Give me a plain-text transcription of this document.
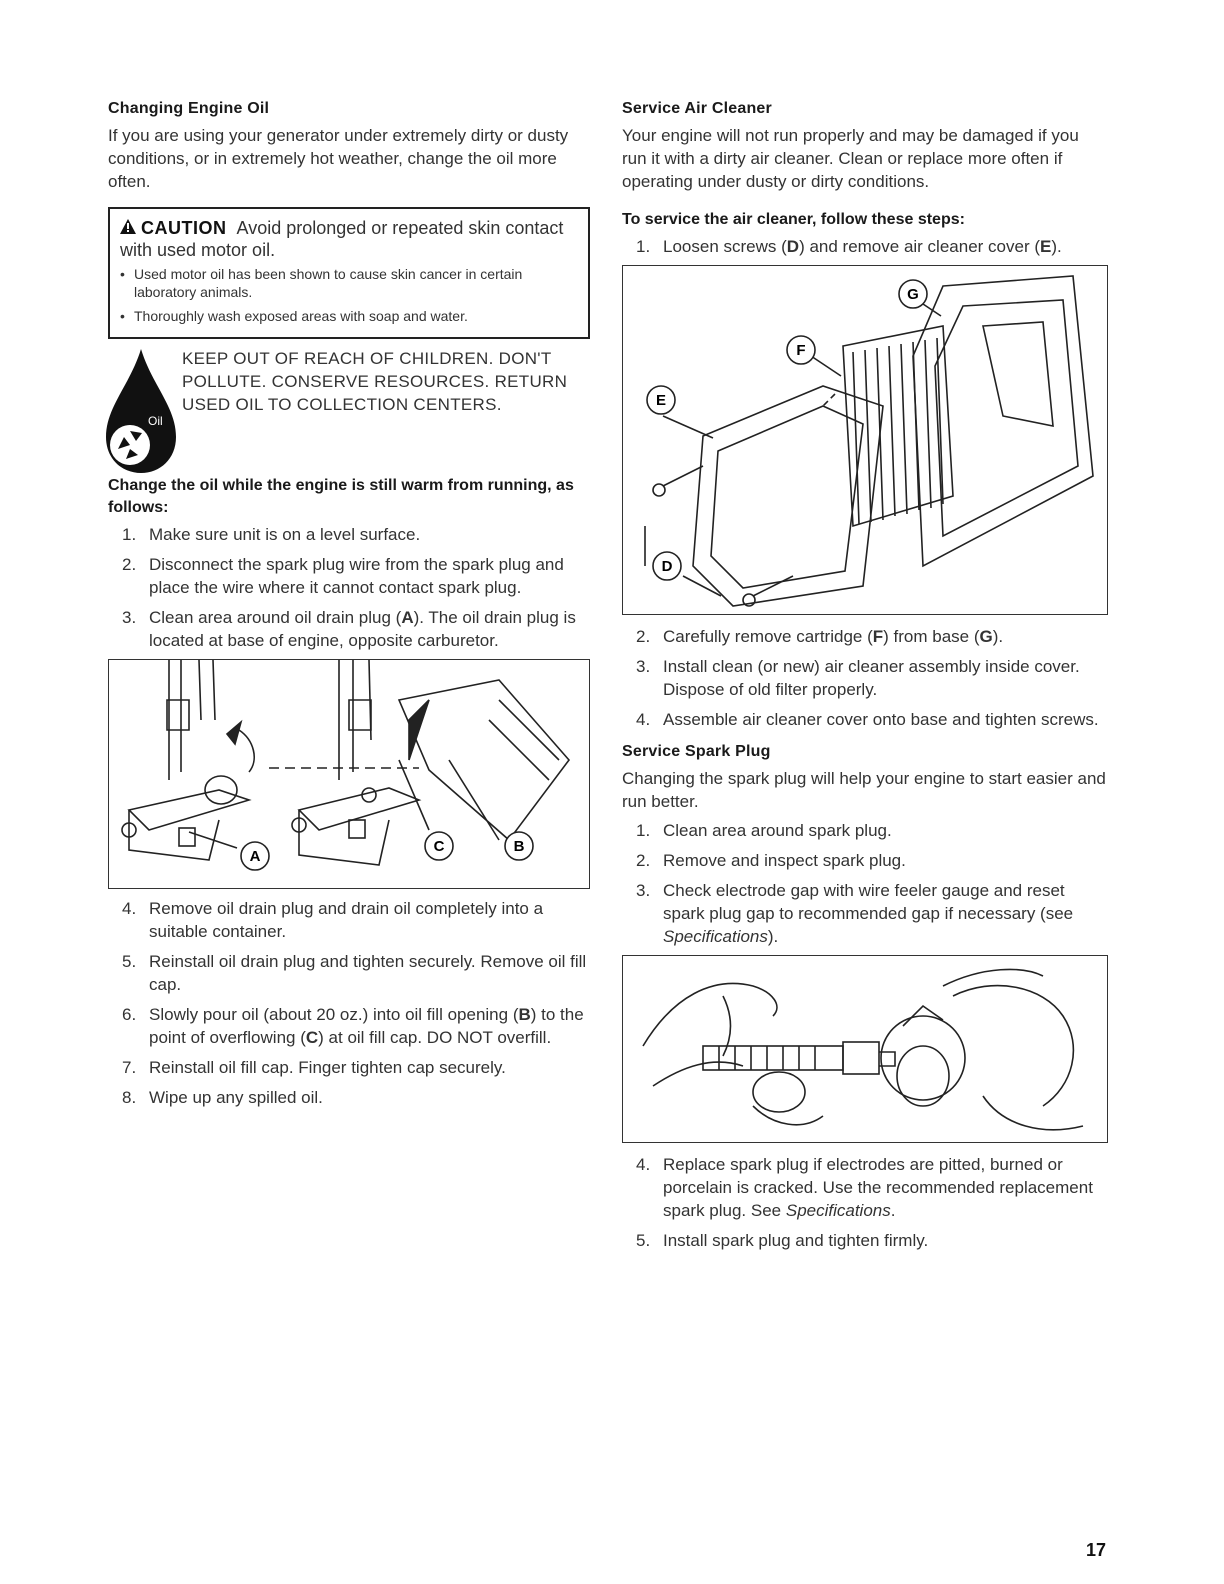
Changing Engine Oil

If you are using your generator under extremely dirty or dusty conditions, or in extremely hot weather, change the oil more often.

CAUTION Avoid prolonged or repeated skin contact with used motor oil.
• Used motor oil has been shown to cause skin cancer in certain laboratory animals.
• Thoroughly wash exposed areas with soap and water.
Oil
KEEP OUT OF REACH OF CHILDREN. DON'T POLLUTE. CONSERVE RESOURCES. RETURN USED OIL TO COLLECTION CENTERS.

Change the oil while the engine is still warm from running, as follows:

1. Make sure unit is on a level surface.
2. Disconnect the spark plug wire from the spark plug and place the wire where it cannot contact spark plug.
3. Clean area around oil drain plug (A). The oil drain plug is located at base of engine, opposite carburetor.
A
C	B
4. Remove oil drain plug and drain oil completely into a suitable container.
5. Reinstall oil drain plug and tighten securely. Remove oil fill cap.
6. Slowly pour oil (about 20 oz.) into oil fill opening (B) to the point of overflowing (C) at oil fill cap. DO NOT overfill.
7. Reinstall oil fill cap. Finger tighten cap securely.
8. Wipe up any spilled oil.
Service Air Cleaner

Your engine will not run properly and may be damaged if you run it with a dirty air cleaner. Clean or replace more often if operating under dusty or dirty conditions.

To service the air cleaner, follow these steps:

1. Loosen screws (D) and remove air cleaner cover (E).
G
F
E
D
2. Carefully remove cartridge (F) from base (G).
3. Install clean (or new) air cleaner assembly inside cover. Dispose of old filter properly.
4. Assemble air cleaner cover onto base and tighten screws.
Service Spark Plug

Changing the spark plug will help your engine to start easier and run better.

1. Clean area around spark plug.
2. Remove and inspect spark plug.
3. Check electrode gap with wire feeler gauge and reset spark plug gap to recommended gap if necessary (see Specifications).
4. Replace spark plug if electrodes are pitted, burned or porcelain is cracked. Use the recommended replacement spark plug. See Specifications.
5. Install spark plug and tighten firmly.
17
